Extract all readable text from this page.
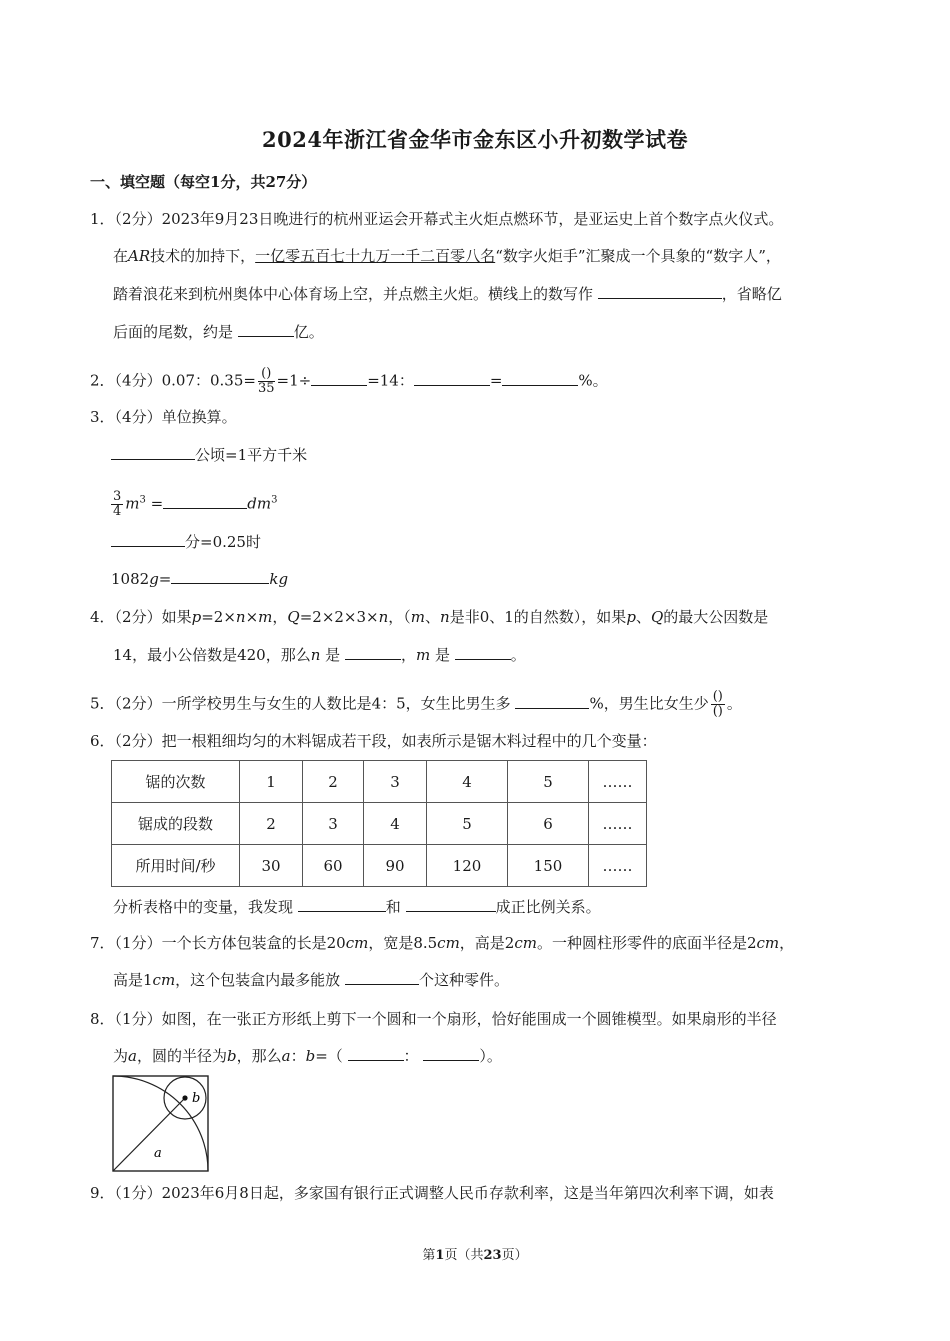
2024年浙江省金华市金东区小升初数学试卷
一、填空题（每空1分，共27分）
1．（2分）2023年9月23日晚进行的杭州亚运会开幕式主火炬点燃环节，是亚运史上首个数字点火仪式。
在AR技术的加持下，一亿零五百七十九万一千二百零八名“数字火炬手”汇聚成一个具象的“数字人”，
踏着浪花来到杭州奥体中心体育场上空，并点燃主火炬。横线上的数写作	，省略亿
后面的尾数，约是	亿。
2．（4分）0.07：$0.35= \frac{()}{35} =1\div$	=14：	=	%。
3．（4分）单位换算。
公顷=1平方千米
$\frac{3}{4} m^3$ =	$dm^3$
分=0.25时
1082g=	kg
4．（2分）如果p=2×n×m，Q=2×2×3×n，（m、n是非0、1的自然数），如果p、Q的最大公因数是
14，最小公倍数是420，那么n 是	，m 是	。
5．（2分）一所学校男生与女生的人数比是4：5，女生比男生多	%，男生比女生少 $\frac{()}{()}$ 。
6．（2分）把一根粗细均匀的木料锯成若干段，如表所示是锯木料过程中的几个变量：
锯的次数	1	2	3	4	5	……
锯成的段数	2	3	4	5	6	……
所用时间/秒	30	60	90	120	150	……
分析表格中的变量，我发现	和	成正比例关系。
7．（1分）一个长方体包装盒的长是20cm，宽是8.5cm，高是2cm。一种圆柱形零件的底面半径是2cm，
高是1cm，这个包装盒内最多能放	个这种零件。
8．（1分）如图，在一张正方形纸上剪下一个圆和一个扇形，恰好能围成一个圆锥模型。如果扇形的半径
为a，圆的半径为b，那么a：b=（	：	）。
b
a
9．（1分）2023年6月8日起，多家国有银行正式调整人民币存款利率，这是当年第四次利率下调，如表
第1页（共23页）
